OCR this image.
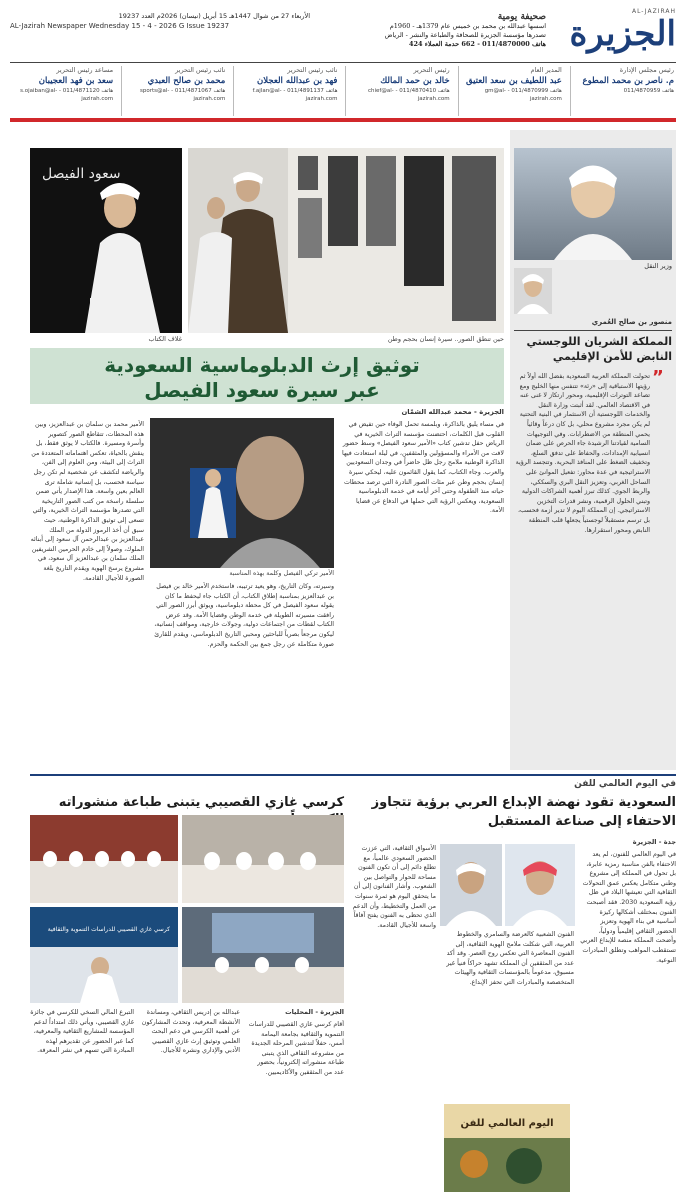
AL-JAZIRAH
الجزيرة
صحيفة يومية
اسسها عبدالله بن محمد بن خميس عام 1379هـ - 1960م
تصدرها مؤسسة الجزيرة للصحافة والطباعة والنشر - الرياض
هاتف 011/4870000 - 662 حدمة العملاء 424
الأربعاء 27 من شوال 1447هـ 15 أبريل (نيسان) 2026م العدد 19237
AL-Jazirah Newspaper Wednesday 15 - 4 - 2026 G Issue 19237
رئيس مجلس الإدارة
م. ناصر بن محمد المطوع
هاتف 011/4870959
المدير العام
عبد اللطيف بن سعد العتيق
هاتف 011/4870999 - gm@al-jazirah.com
رئيس التحرير
خالد بن حمد المالك
هاتف 011/4870410 - chief@al-jazirah.com
نائب رئيس التحرير
فهد بن عبدالله العجلان
هاتف 011/4891137 - f.ajlan@al-jazirah.com
نائب رئيس التحرير
محمد بن صالح العبدي
هاتف 011/4871067 - sports@al-jazirah.com
مساعد رئيس التحرير
سعد بن فهد العجيبان
هاتف 011/4871120 - s.ojaiban@al-jazirah.com
وزير النقل
منصور بن صالح العُمري
المملكة الشريان اللوجستي النابض للأمن الإقليمي
”
تحولت المملكة العربية السعودية بفضل الله أولاً ثم رؤيتها الاستباقية إلى «رئة» تتنفس منها الخليج ومع تصاعد التوترات الإقليمية، ومحور ارتكاز لا غنى عنه في الاقتصاد العالمي. لقد أثبتت وزارة النقل والخدمات اللوجستية أن الاستثمار في البنية التحتية لم يكن مجرد مشروع محلي، بل كان درعاً وقائياً يحمي المنطقة من الاضطرابات. وفي التوجيهات السامية لقيادتنا الرشيدة جاء الحرص على ضمان انسيابية الإمدادات، والحفاظ على تدفق السلع، وتخفيف الضغط على المنافذ البحرية. وتتجسد الرؤية الاستراتيجية في عدة محاور: تفعيل الموانئ على الساحل الغربي، وتعزيز النقل البري والسككي، والربط الجوي. كذلك تبرز أهمية الشراكات الدولية وتبني الحلول الرقمية، ونشر قدرات التخزين الاستراتيجي. إن المملكة اليوم لا تدير أزمة فحسب، بل ترسم مستقبلاً لوجستياً يجعلها قلب المنطقة النابض ومحور استقرارها.
سعود الفيصل
غلاف الكتاب	حين تنطق الصور.. سيرة إنسان بحجم وطن
توثيق إرث الدبلوماسية السعودية
عبر سيرة سعود الفيصل
الجزيرة - محمد عبدالله الشمّان
في مساء يليق بالذاكرة، وبلمسة تحمل الوفاء حين تفيض في القلوب قبل الكلمات، احتضنت مؤسسة التراث الخيرية في الرياض حفل تدشين كتاب «الأمير سعود الفيصل» وسط حضور لافت من الأمراء والمسؤولين والمثقفين، في ليلة استعادت فيها الذاكرة الوطنية ملامح رجل ظل حاضراً في وجدان السعوديين والعرب. وجاء الكتاب، كما يقول القائمون عليه، ليحكي سيرة إنسان بحجم وطن عبر مئات الصور النادرة التي ترصد محطات حياته منذ الطفولة وحتى آخر أيامه في خدمة الدبلوماسية السعودية، ويعكس الرؤية التي حملها في الدفاع عن قضايا الأمة.
الأمير تركي الفيصل وكلمة بهذه المناسبة
وسيرته، وكان التاريخ، وهو يعيد ترتيبه، فاستخدم الأمير خالد بن فيصل بن عبدالعزيز بمناسبة إطلاق الكتاب، أن الكتاب جاء ليحفظ ما كان يقوله سعود الفيصل في كل محطة دبلوماسية، ويوثق أبرز الصور التي رافقت مسيرته الطويلة في خدمة الوطن وقضايا الأمة. وقد عرض الكتاب لقطات من اجتماعات دولية، وجولات خارجية، ومواقف إنسانية، ليكون مرجعاً بصرياً للباحثين ومحبي التاريخ الدبلوماسي، ويقدم للقارئ صورة متكاملة عن رجل جمع بين الحكمة والحزم.
الأمير محمد بن سلمان بن عبدالعزيز، وبين هذه المحطات، تتقاطع الصور كتصوير وأسرة ومسيرة. فالكتاب لا يوثق فقط، بل ينقش بالحياة، تعكس اهتماماته المتعددة من التراث إلى البيئة، ومن العلوم إلى الفن، والرياضة لتكشف عن شخصية لم تكن رجل سياسة فحسب، بل إنسانية شاملة ترى العالم بعين واسعة. هذا الإصدار يأتي ضمن سلسلة راسخة من كتب الصور التاريخية التي تصدرها مؤسسة التراث الخيرية، والتي تسعى إلى توثيق الذاكرة الوطنية، حيث سبق أن أخذ الرموز الدولة من الملك عبدالعزيز بن عبدالرحمن آل سعود إلى أبنائه الملوك، وصولاً إلى خادم الحرمين الشريفين الملك سلمان بن عبدالعزيز آل سعود، في مشروع يرسخ الهوية ويقدم التاريخ بلغة الصورة للأجيال القادمة.
في اليوم العالمي للفن
السعودية تقود نهضة الإبداع العربي برؤية تتجاوز
الاحتفاء إلى صناعة المستقبل
جدة - الجزيرة
في اليوم العالمي للفنون، لم يعد الاحتفاء بالفن مناسبة رمزية عابرة، بل تحول في المملكة إلى مشروع وطني متكامل يعكس عمق التحولات الثقافية التي تعيشها البلاد في ظل رؤية السعودية 2030. فقد أصبحت الفنون بمختلف أشكالها ركيزة أساسية في بناء الهوية وتعزيز الحضور الثقافي إقليمياً ودولياً، وأضحت المملكة منصة للإبداع العربي تستقطب المواهب وتطلق المبادرات النوعية.
الفنون الشعبية كالعرضة والسامري والخطوط العربية، التي شكلت ملامح الهوية الثقافية، إلى الفنون المعاصرة التي تعكس روح العصر. وقد أكد عدد من المثقفين أن المملكة تشهد حراكاً فنياً غير مسبوق، مدعوماً بالمؤسسات الثقافية والهيئات المتخصصة والمبادرات التي تحفز الإبداع.
الأسواق الثقافية، التي عززت الحضور السعودي عالمياً، مع تطلع دائم إلى أن تكون الفنون مساحة للحوار والتواصل بين الشعوب. وأشار الفنانون إلى أن ما يتحقق اليوم هو ثمرة سنوات من العمل والتخطيط، وأن الدعم الذي تحظى به الفنون يفتح آفاقاً واسعة للأجيال القادمة.
اليوم العالمي للفن
كرسي غازي القصيبي يتبنى طباعة منشوراته
كرسي غازي القصيبي للدراسات التنموية والثقافية
الجزيرة - المحليات
أقام كرسي غازي القصيبي للدراسات التنموية والثقافية بجامعة اليمامة أمس، حفلاً لتدشين المرحلة الجديدة من مشروعه الثقافي الذي يتبنى طباعة منشوراته إلكترونياً، بحضور عدد من المثقفين والأكاديميين.
عبدالله بن إدريس الثقافي، ومساندة الأنشطة المعرفية، وتحدث المشاركون عن أهمية الكرسي في دعم البحث العلمي وتوثيق إرث غازي القصيبي الأدبي والإداري ونشره للأجيال.
التبرع المالي السخي للكرسي في جائزة غازي القصيبي، ويأتي ذلك امتداداً لدعم المؤسسة للمشاريع الثقافية والمعرفية، كما عبر الحضور عن تقديرهم لهذه المبادرة التي تسهم في نشر المعرفة.
